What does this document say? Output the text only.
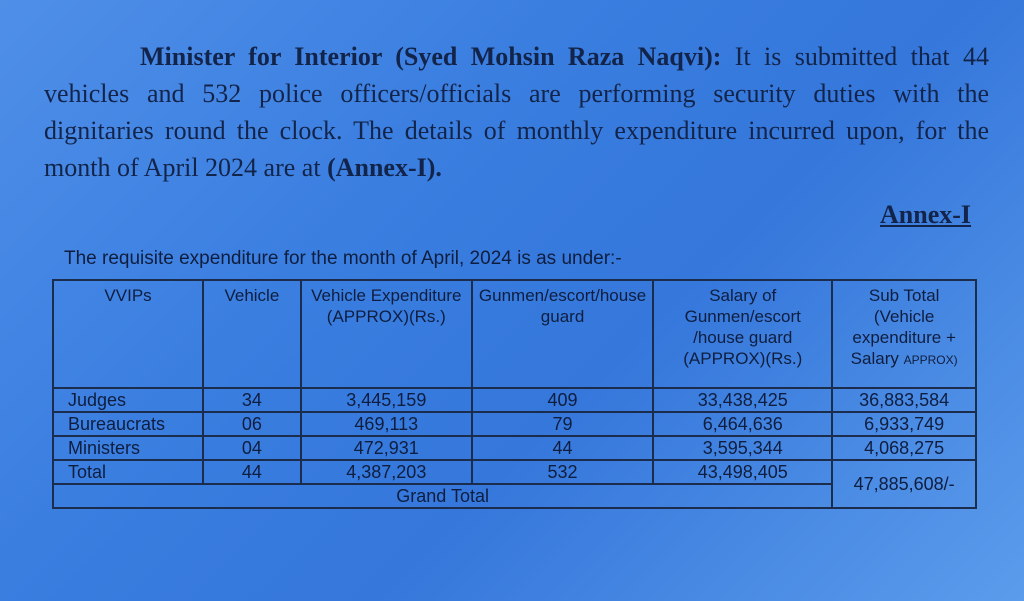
Minister for Interior (Syed Mohsin Raza Naqvi): It is submitted that 44 vehicles and 532 police officers/officials are performing security duties with the dignitaries round the clock. The details of monthly expenditure incurred upon, for the month of April 2024 are at (Annex-I).
Annex-I
The requisite expenditure for the month of April, 2024 is as under:-
VVIPs	Vehicle	Vehicle Expenditure (APPROX)(Rs.)	Gunmen/escort/house guard	Salary of Gunmen/escort /house guard (APPROX)(Rs.)	Sub Total (Vehicle expenditure + Salary APPROX)
Judges	34	3,445,159	409	33,438,425	36,883,584
Bureaucrats	06	469,113	79	6,464,636	6,933,749
Ministers	04	472,931	44	3,595,344	4,068,275
Total	44	4,387,203	532	43,498,405	47,885,608/-
Grand Total					
